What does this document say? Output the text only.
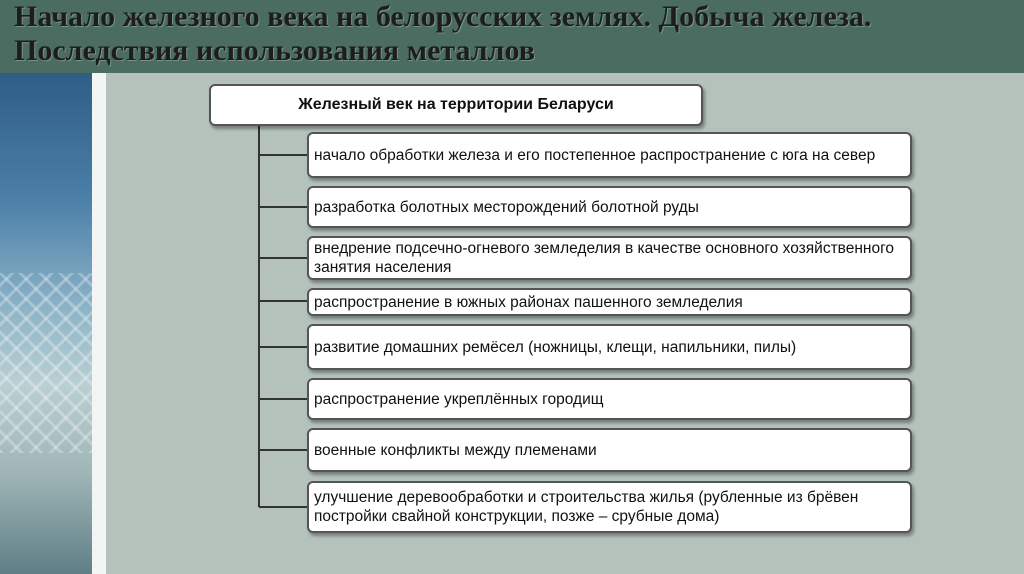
Начало железного века на белорусских землях. Добыча железа. Последствия использования металлов
Железный век на территории Беларуси
начало обработки железа и его постепенное распространение с юга на север
разработка болотных месторождений болотной руды
внедрение подсечно-огневого земледелия в качестве основного хозяйственного занятия населения
распространение в южных районах пашенного земледелия
развитие домашних ремёсел (ножницы, клещи, напильники, пилы)
распространение укреплённых городищ
военные конфликты между племенами
улучшение деревообработки и строительства жилья (рубленные из брёвен постройки свайной конструкции, позже – срубные дома)
